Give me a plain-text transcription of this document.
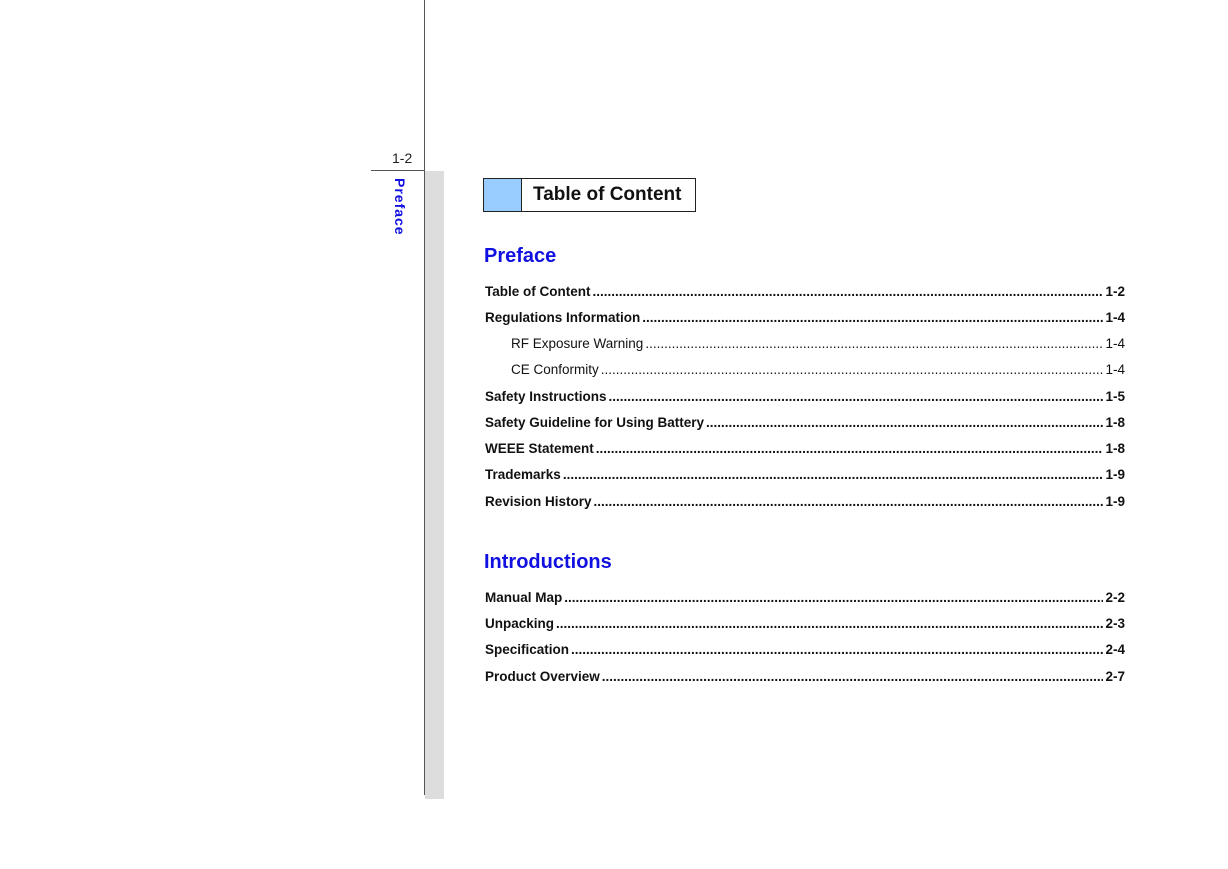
1-2
Preface	Table of Content
Preface
Table of Content .....	1-2
Regulations Information .....	1-4
RF Exposure Warning .....	1-4
CE Conformity .....	1-4
Safety Instructions .....	1-5
Safety Guideline for Using Battery .....	1-8
WEEE Statement .....	1-8
Trademarks .....	1-9
Revision History .....	1-9
Introductions
Manual Map .....	2-2
Unpacking .....	2-3
Specification .....	2-4
Product Overview .....	2-7
